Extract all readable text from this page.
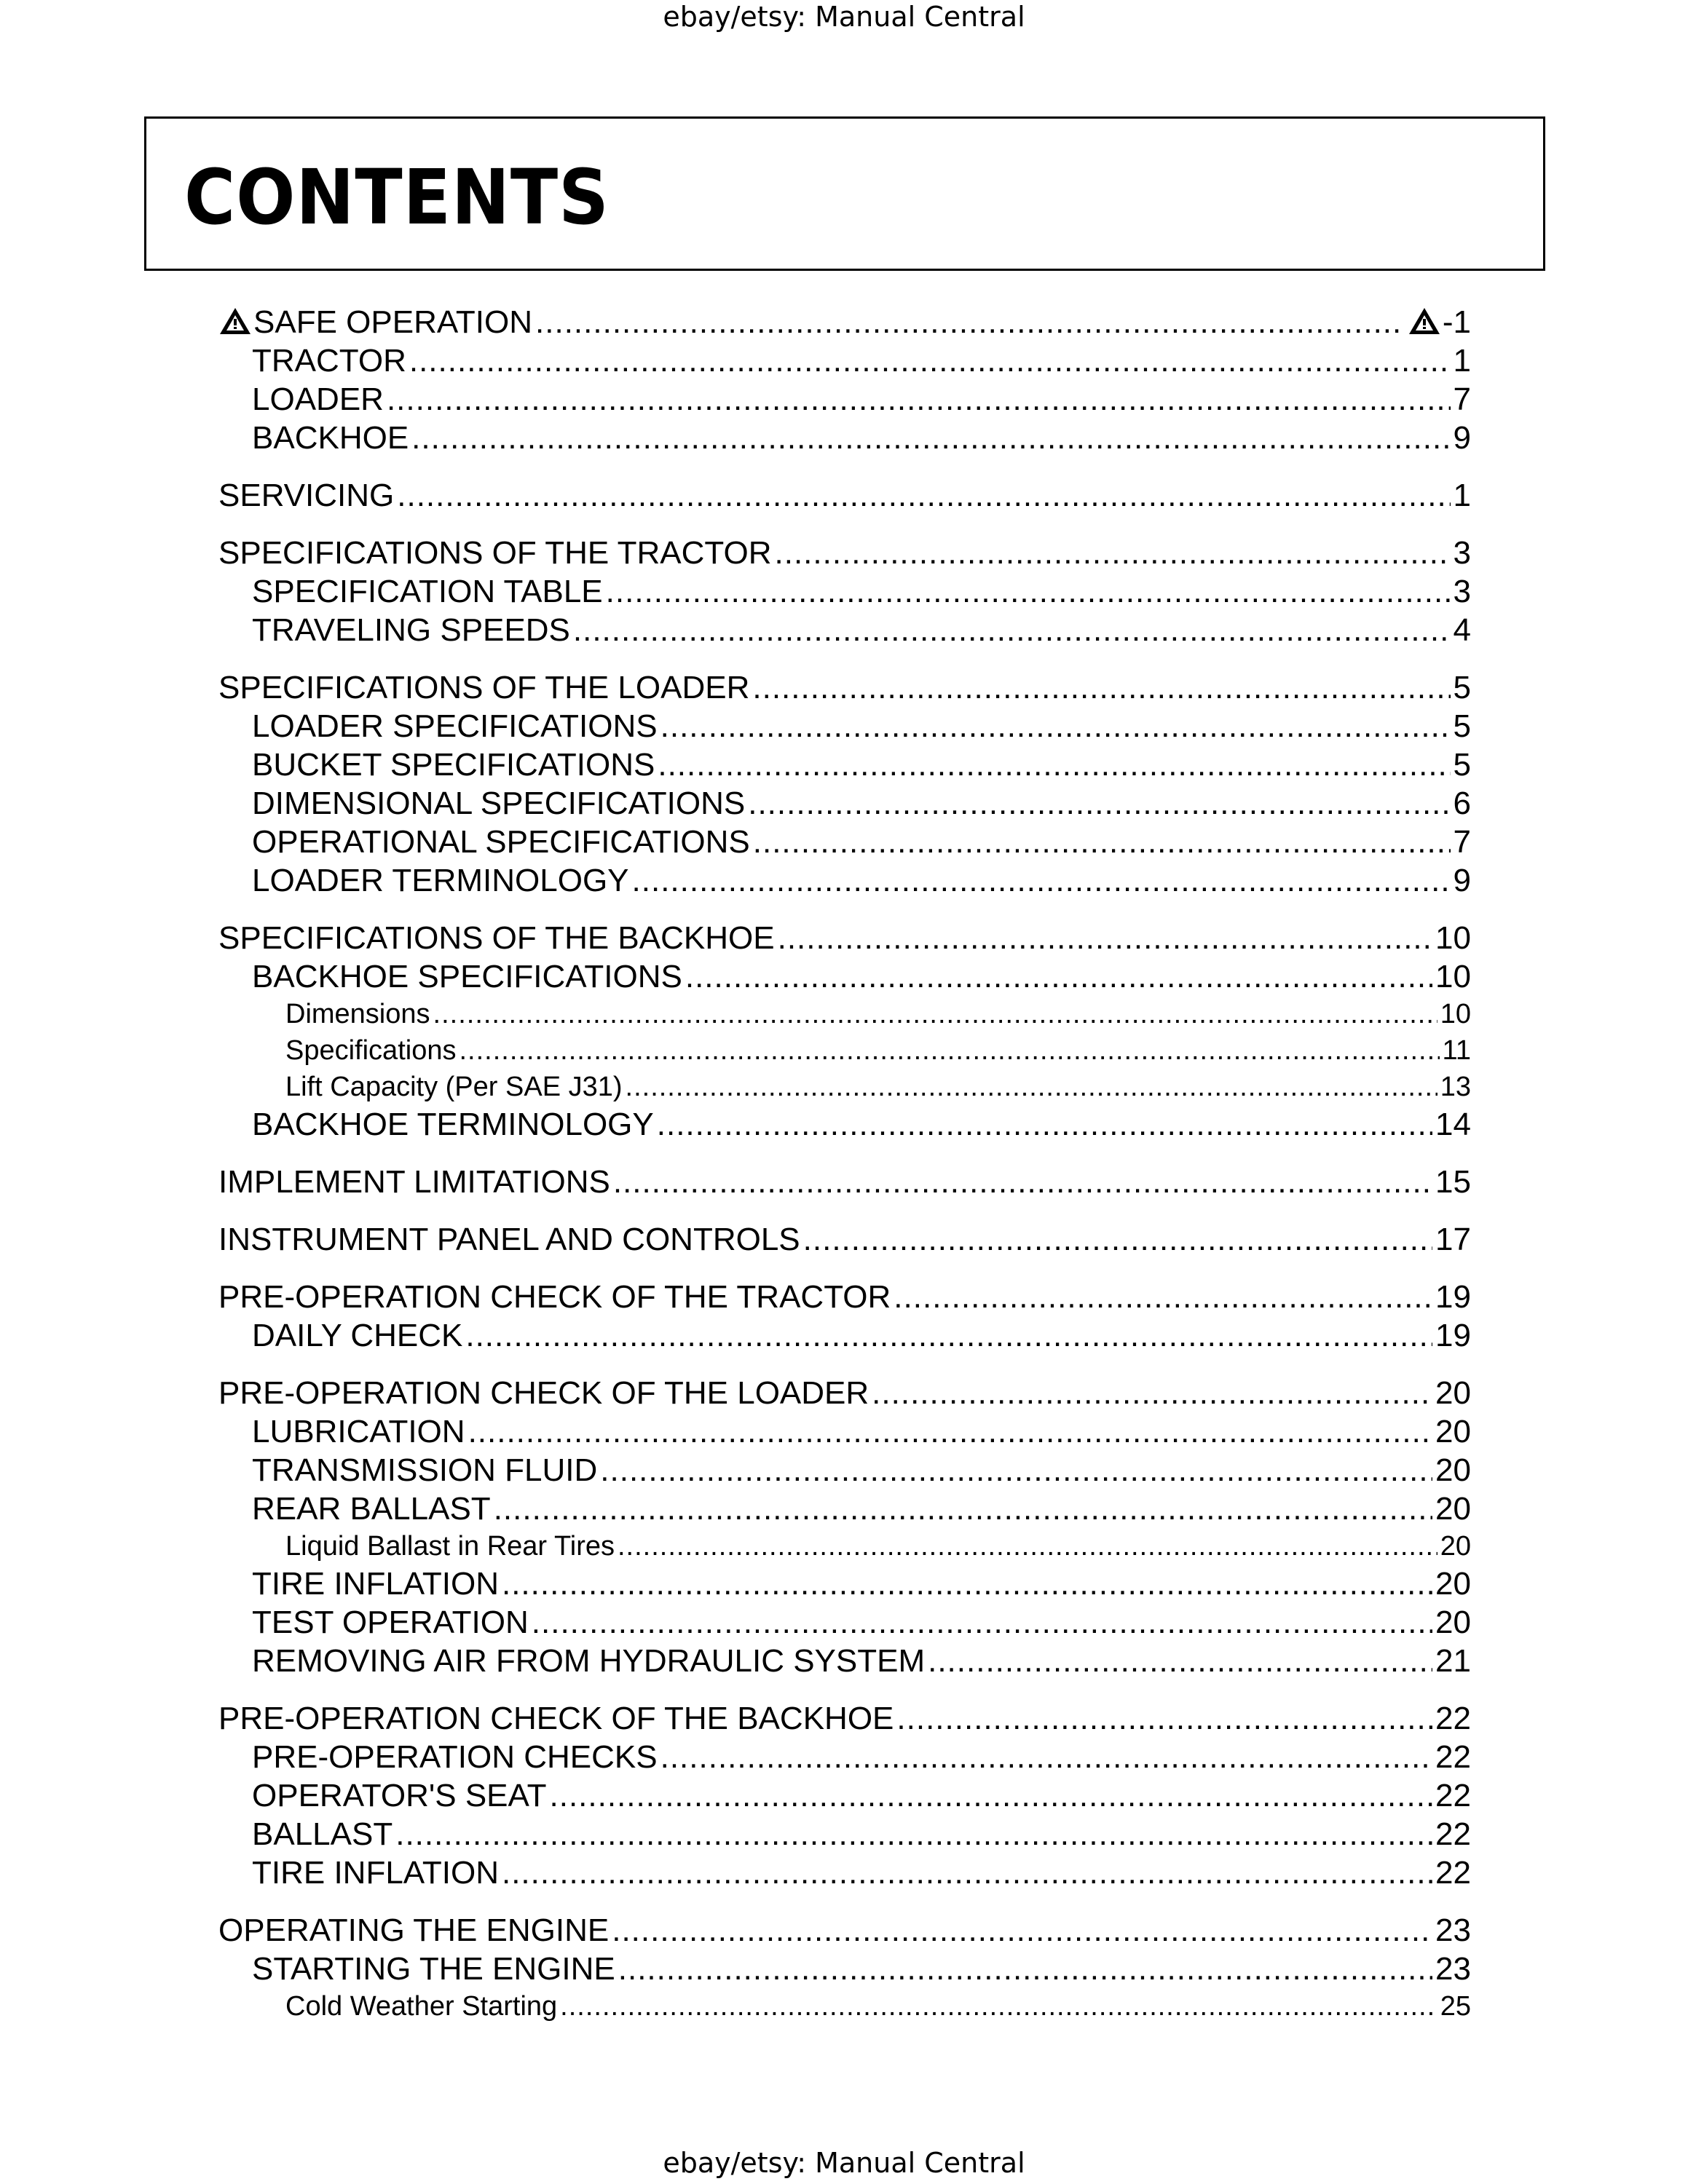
ebay/etsy: Manual Central
CONTENTS
SAFE OPERATION .....	-1
TRACTOR .....	1
LOADER .....	7
BACKHOE .....	9
SERVICING .....	1
SPECIFICATIONS OF THE TRACTOR .....	3
SPECIFICATION TABLE .....	3
TRAVELING SPEEDS .....	4
SPECIFICATIONS OF THE LOADER .....	5
LOADER SPECIFICATIONS .....	5
BUCKET SPECIFICATIONS .....	5
DIMENSIONAL SPECIFICATIONS .....	6
OPERATIONAL SPECIFICATIONS .....	7
LOADER TERMINOLOGY .....	9
SPECIFICATIONS OF THE BACKHOE .....	10
BACKHOE SPECIFICATIONS .....	10
Dimensions .....	10
Specifications .....	11
Lift Capacity (Per SAE J31) .....	13
BACKHOE TERMINOLOGY .....	14
IMPLEMENT LIMITATIONS .....	15
INSTRUMENT PANEL AND CONTROLS .....	17
PRE-OPERATION CHECK OF THE TRACTOR .....	19
DAILY CHECK .....	19
PRE-OPERATION CHECK OF THE LOADER .....	20
LUBRICATION .....	20
TRANSMISSION FLUID .....	20
REAR BALLAST .....	20
Liquid Ballast in Rear Tires .....	20
TIRE INFLATION .....	20
TEST OPERATION .....	20
REMOVING AIR FROM HYDRAULIC SYSTEM .....	21
PRE-OPERATION CHECK OF THE BACKHOE .....	22
PRE-OPERATION CHECKS .....	22
OPERATOR'S SEAT .....	22
BALLAST .....	22
TIRE INFLATION .....	22
OPERATING THE ENGINE .....	23
STARTING THE ENGINE .....	23
Cold Weather Starting .....	25
ebay/etsy: Manual Central
